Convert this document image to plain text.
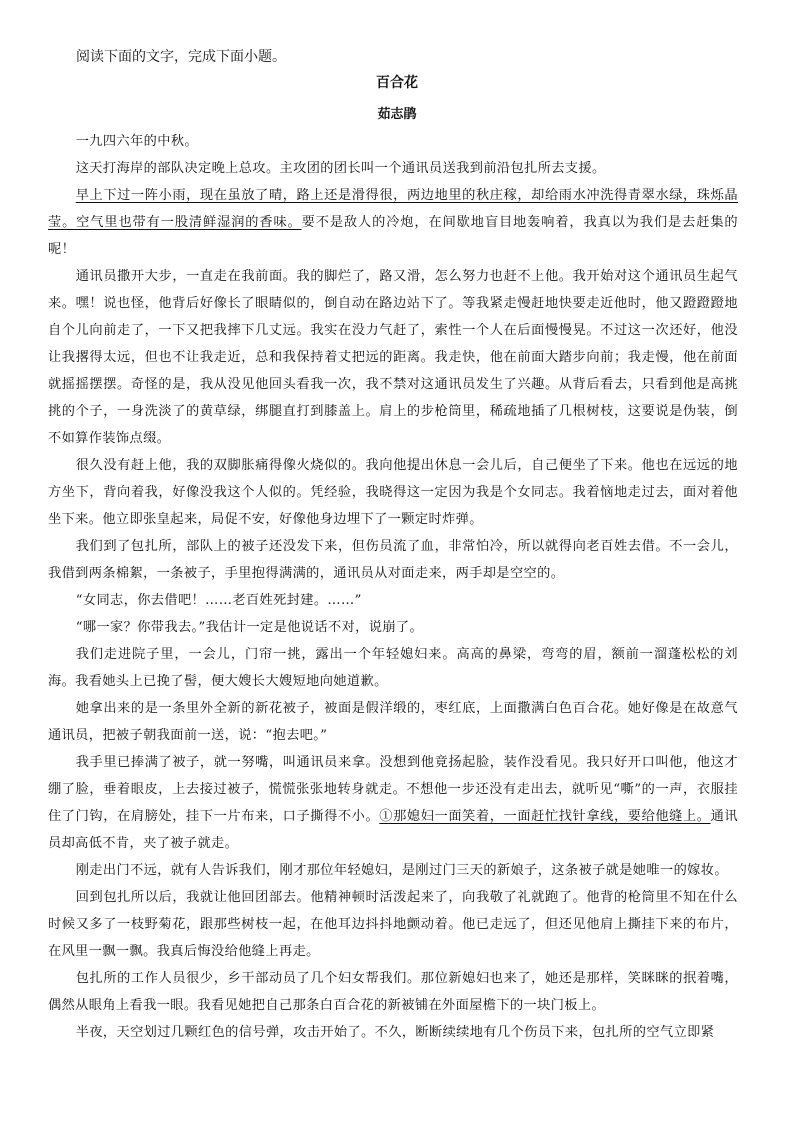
阅读下面的文字，完成下面小题。
百合花
茹志鹃

一九四六年的中秋。

这天打海岸的部队决定晚上总攻。主攻团的团长叫一个通讯员送我到前沿包扎所去支援。

早上下过一阵小雨，现在虽放了晴，路上还是滑得很，两边地里的秋庄稼，却给雨水冲洗得青翠水绿，珠烁晶莹。空气里也带有一股清鲜湿润的香味。要不是敌人的冷炮，在间歇地盲目地轰响着，我真以为我们是去赶集的呢！

通讯员撒开大步，一直走在我前面。我的脚烂了，路又滑，怎么努力也赶不上他。我开始对这个通讯员生起气来。嘿！说也怪，他背后好像长了眼睛似的，倒自动在路边站下了。等我紧走慢赶地快要走近他时，他又蹬蹬蹬地自个儿向前走了，一下又把我摔下几丈远。我实在没力气赶了，索性一个人在后面慢慢晃。不过这一次还好，他没让我撂得太远，但也不让我走近，总和我保持着丈把远的距离。我走快，他在前面大踏步向前；我走慢，他在前面就摇摇摆摆。奇怪的是，我从没见他回头看我一次，我不禁对这通讯员发生了兴趣。从背后看去，只看到他是高挑挑的个子，一身洗淡了的黄草绿，绑腿直打到膝盖上。肩上的步枪筒里，稀疏地插了几根树枝，这要说是伪装，倒不如算作装饰点缀。

很久没有赶上他，我的双脚胀痛得像火烧似的。我向他提出休息一会儿后，自己便坐了下来。他也在远远的地方坐下，背向着我，好像没我这个人似的。凭经验，我晓得这一定因为我是个女同志。我着恼地走过去，面对着他坐下来。他立即张皇起来，局促不安，好像他身边埋下了一颗定时炸弹。

我们到了包扎所，部队上的被子还没发下来，但伤员流了血，非常怕冷，所以就得向老百姓去借。不一会儿，我借到两条棉絮，一条被子，手里抱得满满的，通讯员从对面走来，两手却是空空的。

“女同志，你去借吧！……老百姓死封建。……”

“哪一家？你带我去。”我估计一定是他说话不对，说崩了。

我们走进院子里，一会儿，门帘一挑，露出一个年轻媳妇来。高高的鼻梁，弯弯的眉，额前一溜蓬松松的刘海。我看她头上已挽了髻，便大嫂长大嫂短地向她道歉。

她拿出来的是一条里外全新的新花被子，被面是假洋缎的，枣红底，上面撒满白色百合花。她好像是在故意气通讯员，把被子朝我面前一送，说：“抱去吧。”

我手里已捧满了被子，就一努嘴，叫通讯员来拿。没想到他竟扬起脸，装作没看见。我只好开口叫他，他这才绷了脸，垂着眼皮，上去接过被子，慌慌张张地转身就走。不想他一步还没有走出去，就听见“嘶”的一声，衣服挂住了门钩，在肩膀处，挂下一片布来，口子撕得不小。①那媳妇一面笑着，一面赶忙找针拿线，要给他缝上。通讯员却高低不肯，夹了被子就走。

刚走出门不远，就有人告诉我们，刚才那位年轻媳妇，是刚过门三天的新娘子，这条被子就是她唯一的嫁妆。

回到包扎所以后，我就让他回团部去。他精神顿时活泼起来了，向我敬了礼就跑了。他背的枪筒里不知在什么时候又多了一枝野菊花，跟那些树枝一起，在他耳边抖抖地颤动着。他已走远了，但还见他肩上撕挂下来的布片，在风里一飘一飘。我真后悔没给他缝上再走。

包扎所的工作人员很少，乡干部动员了几个妇女帮我们。那位新媳妇也来了，她还是那样，笑眯眯的抿着嘴，偶然从眼角上看我一眼。我看见她把自己那条白百合花的新被铺在外面屋檐下的一块门板上。

半夜，天空划过几颗红色的信号弹，攻击开始了。不久，断断续续地有几个伤员下来，包扎所的空气立即紧
